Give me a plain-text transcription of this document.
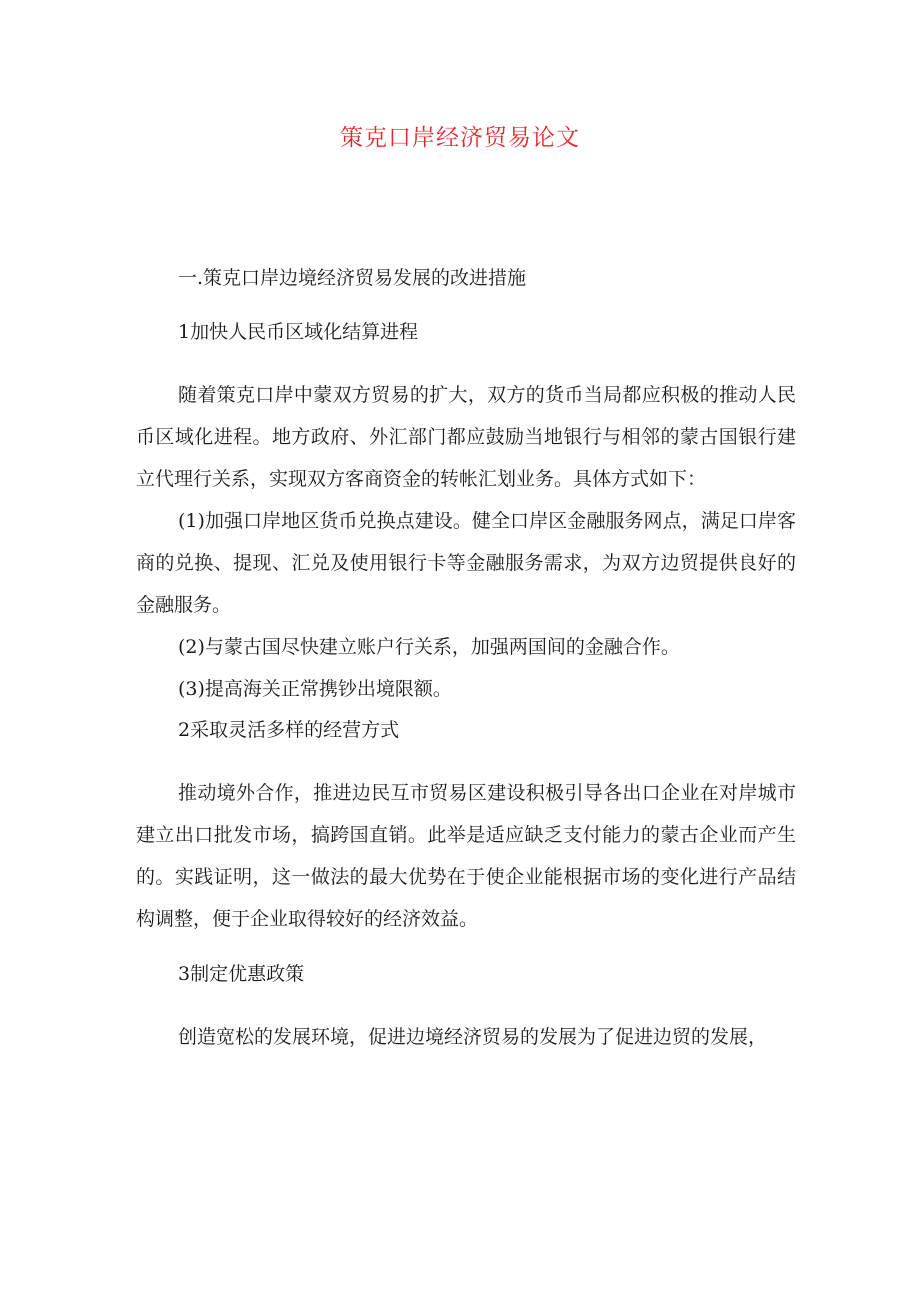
策克口岸经济贸易论文

一.策克口岸边境经济贸易发展的改进措施

1加快人民币区域化结算进程

随着策克口岸中蒙双方贸易的扩大，双方的货币当局都应积极的推动人民币区域化进程。地方政府、外汇部门都应鼓励当地银行与相邻的蒙古国银行建立代理行关系，实现双方客商资金的转帐汇划业务。具体方式如下：

(1)加强口岸地区货币兑换点建设。健全口岸区金融服务网点，满足口岸客商的兑换、提现、汇兑及使用银行卡等金融服务需求，为双方边贸提供良好的金融服务。

(2)与蒙古国尽快建立账户行关系，加强两国间的金融合作。

(3)提高海关正常携钞出境限额。

2采取灵活多样的经营方式

推动境外合作，推进边民互市贸易区建设积极引导各出口企业在对岸城市建立出口批发市场，搞跨国直销。此举是适应缺乏支付能力的蒙古企业而产生的。实践证明，这一做法的最大优势在于使企业能根据市场的变化进行产品结构调整，便于企业取得较好的经济效益。

3制定优惠政策

创造宽松的发展环境，促进边境经济贸易的发展为了促进边贸的发展，
